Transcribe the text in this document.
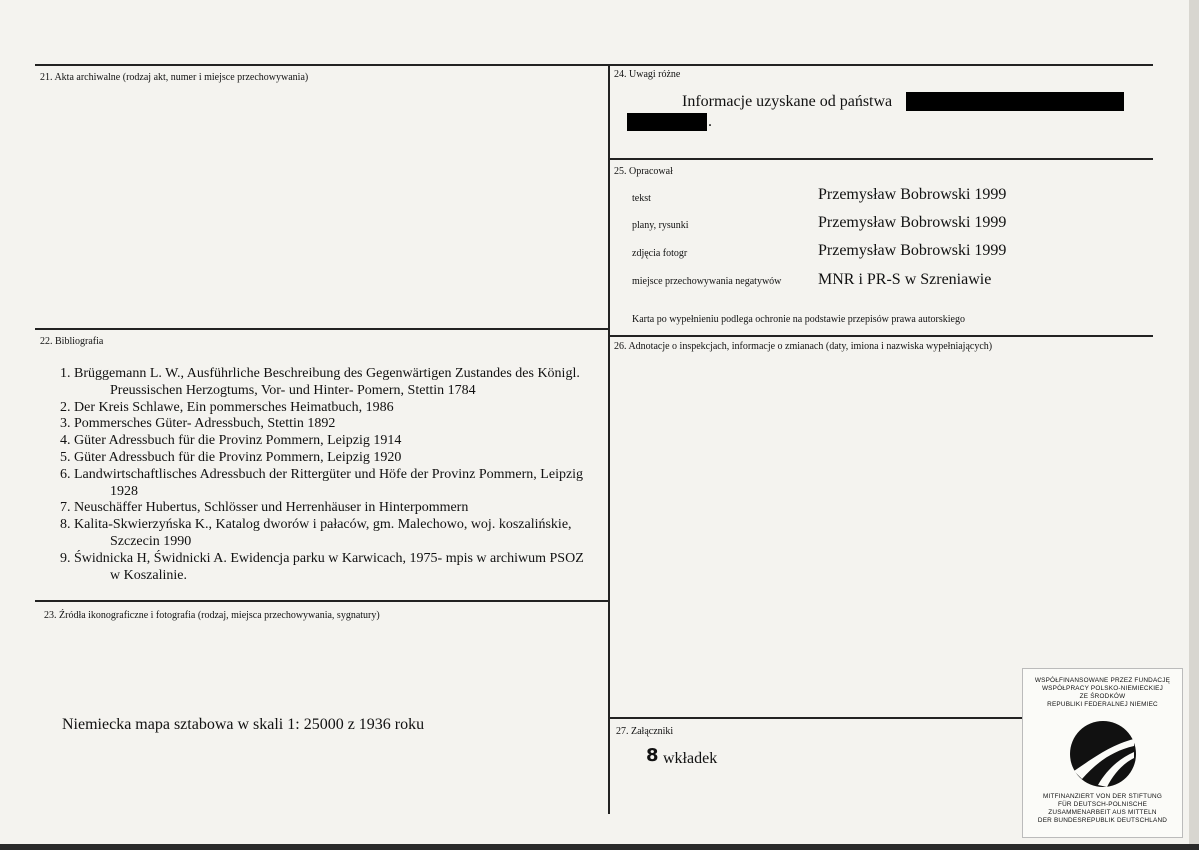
21. Akta archiwalne (rodzaj akt, numer i miejsce przechowywania)
22. Bibliografia
1. Brüggemann L. W., Ausführliche Beschreibung des Gegenwärtigen Zustandes des Königl.
Preussischen Herzogtums, Vor- und Hinter- Pomern, Stettin 1784
2. Der Kreis Schlawe, Ein pommersches Heimatbuch, 1986
3. Pommersches Güter- Adressbuch, Stettin 1892
4. Güter Adressbuch für die Provinz Pommern, Leipzig 1914
5. Güter Adressbuch für die Provinz Pommern, Leipzig 1920
6. Landwirtschaftlisches Adressbuch der Rittergüter und Höfe der Provinz Pommern, Leipzig
1928
7. Neuschäffer Hubertus, Schlösser und Herrenhäuser in Hinterpommern
8. Kalita-Skwierzyńska K., Katalog dworów i pałaców, gm. Malechowo, woj. koszalińskie,
Szczecin 1990
9. Świdnicka H, Świdnicki A. Ewidencja parku w Karwicach, 1975- mpis w archiwum PSOZ
w Koszalinie.
23. Źródła ikonograficzne i fotografia (rodzaj, miejsca przechowywania, sygnatury)
Niemiecka mapa sztabowa w skali 1: 25000 z 1936 roku
24. Uwagi różne
Informacje uzyskane od państwa
.
25. Opracował
tekst	Przemysław Bobrowski 1999
plany, rysunki	Przemysław Bobrowski 1999
zdjęcia fotogr	Przemysław Bobrowski 1999
miejsce przechowywania negatywów MNR i PR-S w Szreniawie
Karta po wypełnieniu podlega ochronie na podstawie przepisów prawa autorskiego
26. Adnotacje o inspekcjach, informacje o zmianach (daty, imiona i nazwiska wypełniających)
27. Załączniki
8 wkładek
WSPÓŁFINANSOWANE PRZEZ FUNDACJĘ
WSPÓŁPRACY POLSKO-NIEMIECKIEJ
ZE ŚRODKÓW
REPUBLIKI FEDERALNEJ NIEMIEC
MITFINANZIERT VON DER STIFTUNG
FÜR DEUTSCH-POLNISCHE
ZUSAMMENARBEIT AUS MITTELN
DER BUNDESREPUBLIK DEUTSCHLAND
